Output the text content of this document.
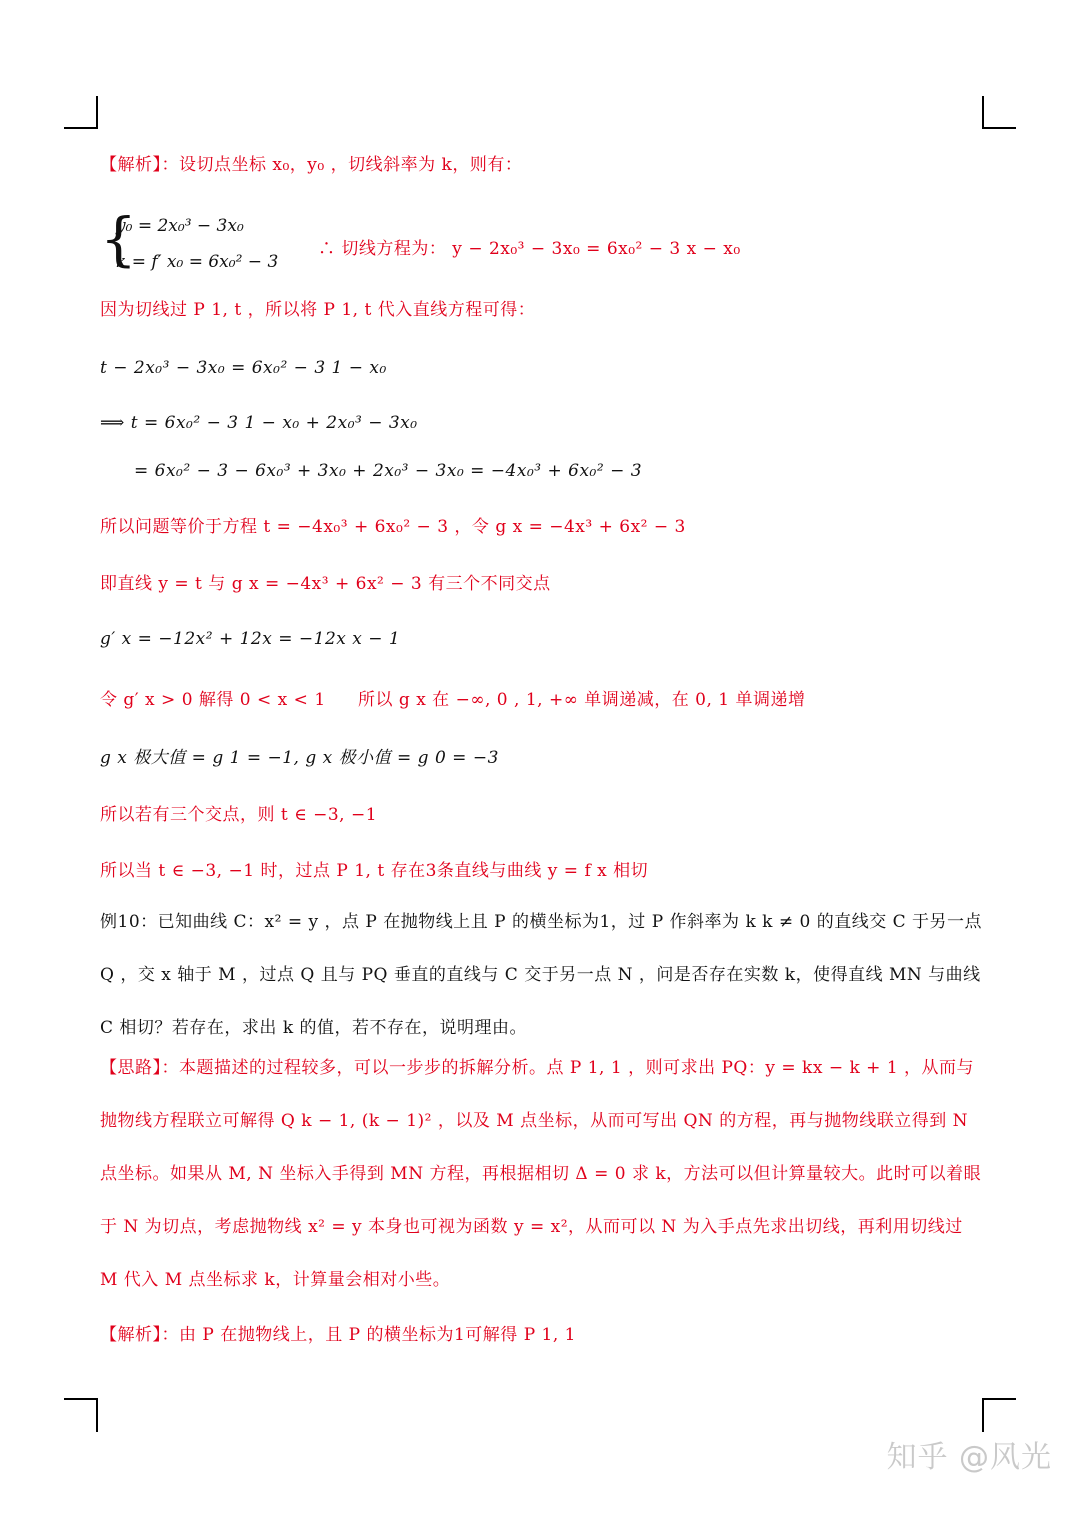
【解析】：设切点坐标 x₀，y₀ ，切线斜率为 k，则有：
{
y₀ = 2x₀³ − 3x₀
k = f′ x₀ = 6x₀² − 3
∴ 切线方程为： y − 2x₀³ − 3x₀ = 6x₀² − 3 x − x₀
因为切线过 P 1, t ，所以将 P 1, t 代入直线方程可得：
t − 2x₀³ − 3x₀ = 6x₀² − 3 1 − x₀
⟹ t = 6x₀² − 3 1 − x₀ + 2x₀³ − 3x₀
= 6x₀² − 3 − 6x₀³ + 3x₀ + 2x₀³ − 3x₀ = −4x₀³ + 6x₀² − 3
所以问题等价于方程 t = −4x₀³ + 6x₀² − 3 ，令 g x = −4x³ + 6x² − 3
即直线 y = t 与 g x = −4x³ + 6x² − 3 有三个不同交点
g′ x = −12x² + 12x = −12x x − 1
令 g′ x > 0 解得 0 < x < 1 所以 g x 在 −∞, 0 , 1, +∞ 单调递减，在 0, 1 单调递增
g x 极大值 = g 1 = −1, g x 极小值 = g 0 = −3
所以若有三个交点，则 t ∈ −3, −1
所以当 t ∈ −3, −1 时，过点 P 1, t 存在3条直线与曲线 y = f x 相切
例10：已知曲线 C：x² = y ，点 P 在抛物线上且 P 的横坐标为1，过 P 作斜率为 k k ≠ 0 的直线交 C 于另一点 Q ，交 x 轴于 M ，过点 Q 且与 PQ 垂直的直线与 C 交于另一点 N ，问是否存在实数 k，使得直线 MN 与曲线 C 相切？若存在，求出 k 的值，若不存在，说明理由。
【思路】：本题描述的过程较多，可以一步步的拆解分析。点 P 1, 1 ，则可求出 PQ：y = kx − k + 1 ，从而与抛物线方程联立可解得 Q k − 1, (k − 1)² ，以及 M 点坐标，从而可写出 QN 的方程，再与抛物线联立得到 N 点坐标。如果从 M, N 坐标入手得到 MN 方程，再根据相切 Δ = 0 求 k，方法可以但计算量较大。此时可以着眼于 N 为切点，考虑抛物线 x² = y 本身也可视为函数 y = x²，从而可以 N 为入手点先求出切线，再利用切线过 M 代入 M 点坐标求 k，计算量会相对小些。
【解析】：由 P 在抛物线上，且 P 的横坐标为1可解得 P 1, 1
知乎 @风光
